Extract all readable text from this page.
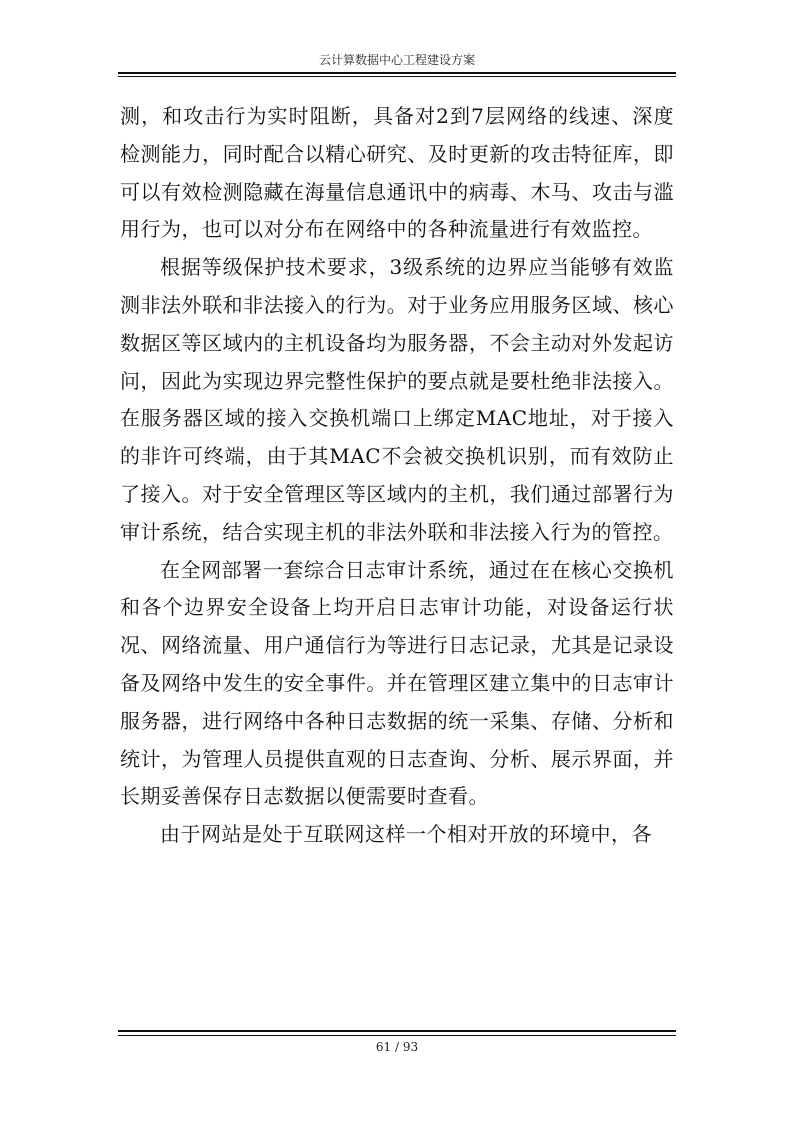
云计算数据中心工程建设方案

测，和攻击行为实时阻断，具备对2到7层网络的线速、深度检测能力，同时配合以精心研究、及时更新的攻击特征库，即可以有效检测隐藏在海量信息通讯中的病毒、木马、攻击与滥用行为，也可以对分布在网络中的各种流量进行有效监控。

根据等级保护技术要求，3级系统的边界应当能够有效监测非法外联和非法接入的行为。对于业务应用服务区域、核心数据区等区域内的主机设备均为服务器，不会主动对外发起访问，因此为实现边界完整性保护的要点就是要杜绝非法接入。在服务器区域的接入交换机端口上绑定MAC地址，对于接入的非许可终端，由于其MAC不会被交换机识别，而有效防止了接入。对于安全管理区等区域内的主机，我们通过部署行为审计系统，结合实现主机的非法外联和非法接入行为的管控。

在全网部署一套综合日志审计系统，通过在在核心交换机和各个边界安全设备上均开启日志审计功能，对设备运行状况、网络流量、用户通信行为等进行日志记录，尤其是记录设备及网络中发生的安全事件。并在管理区建立集中的日志审计服务器，进行网络中各种日志数据的统一采集、存储、分析和统计，为管理人员提供直观的日志查询、分析、展示界面，并长期妥善保存日志数据以便需要时查看。

由于网站是处于互联网这样一个相对开放的环境中，各

61 / 93
